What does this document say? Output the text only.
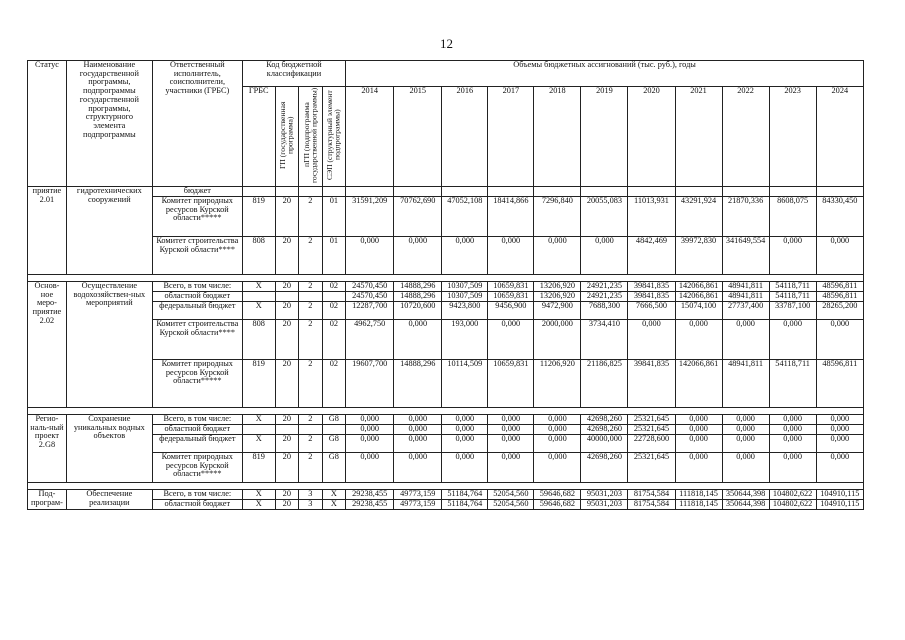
12
Статус	Наименование государственной программы, подпрограммы государственной программы, структурного элемента подпрограммы	Ответственный исполнитель, соисполнители, участники (ГРБС)	Код бюджетной классификации				Объемы бюджетных ассигнований (тыс. руб.), годы										
			ГРБС	ГП (государственная программа)	пГП (подпрограмма государственной программы)	СЭП (структурный элемент подпрограммы)	2014	2015	2016	2017	2018	2019	2020	2021	2022	2023	2024
приятие 2.01	гидротехнических сооружений	бюджет															
		Комитет природных ресурсов Курской области*****	819	20	2	01	31591,209	70762,690	47052,108	18414,866	7296,840	20055,083	11013,931	43291,924	21870,336	8608,075	84330,450
		Комитет строительства Курской области****	808	20	2	01	0,000	0,000	0,000	0,000	0,000	0,000	4842,469	39972,830	341649,554	0,000	0,000

Основ-ное меро-приятие 2.02	Осуществление водохозяйствен-ных мероприятий	Всего, в том числе:	X	20	2	02	24570,450	14888,296	10307,509	10659,831	13206,920	24921,235	39841,835	142066,861	48941,811	54118,711	48596,811
		областной бюджет					24570,450	14888,296	10307,509	10659,831	13206,920	24921,235	39841,835	142066,861	48941,811	54118,711	48596,811
		федеральный бюджет	X	20	2	02	12287,700	10720,600	9423,800	9456,900	9472,900	7688,300	7666,500	15074,100	27737,400	33787,100	28265,200
		Комитет строительства Курской области****	808	20	2	02	4962,750	0,000	193,000	0,000	2000,000	3734,410	0,000	0,000	0,000	0,000	0,000
		Комитет природных ресурсов Курской области*****	819	20	2	02	19607,700	14888,296	10114,509	10659,831	11206,920	21186,825	39841,835	142066,861	48941,811	54118,711	48596,811

Регио-наль-ный проект 2.G8	Сохранение уникальных водных объектов	Всего, в том числе:	X	20	2	G8	0,000	0,000	0,000	0,000	0,000	42698,260	25321,645	0,000	0,000	0,000	0,000
		областной бюджет					0,000	0,000	0,000	0,000	0,000	42698,260	25321,645	0,000	0,000	0,000	0,000
		федеральный бюджет	X	20	2	G8	0,000	0,000	0,000	0,000	0,000	40000,000	22728,600	0,000	0,000	0,000	0,000
		Комитет природных ресурсов Курской области*****	819	20	2	G8	0,000	0,000	0,000	0,000	0,000	42698,260	25321,645	0,000	0,000	0,000	0,000

Под-програм-	Обеспечение реализации	Всего, в том числе:	X	20	3	X	29238,455	49773,159	51184,764	52054,560	59646,682	95031,203	81754,584	111818,145	350644,398	104802,622	104910,115
		областной бюджет	X	20	3	X	29238,455	49773,159	51184,764	52054,560	59646,682	95031,203	81754,584	111818,145	350644,398	104802,622	104910,115
